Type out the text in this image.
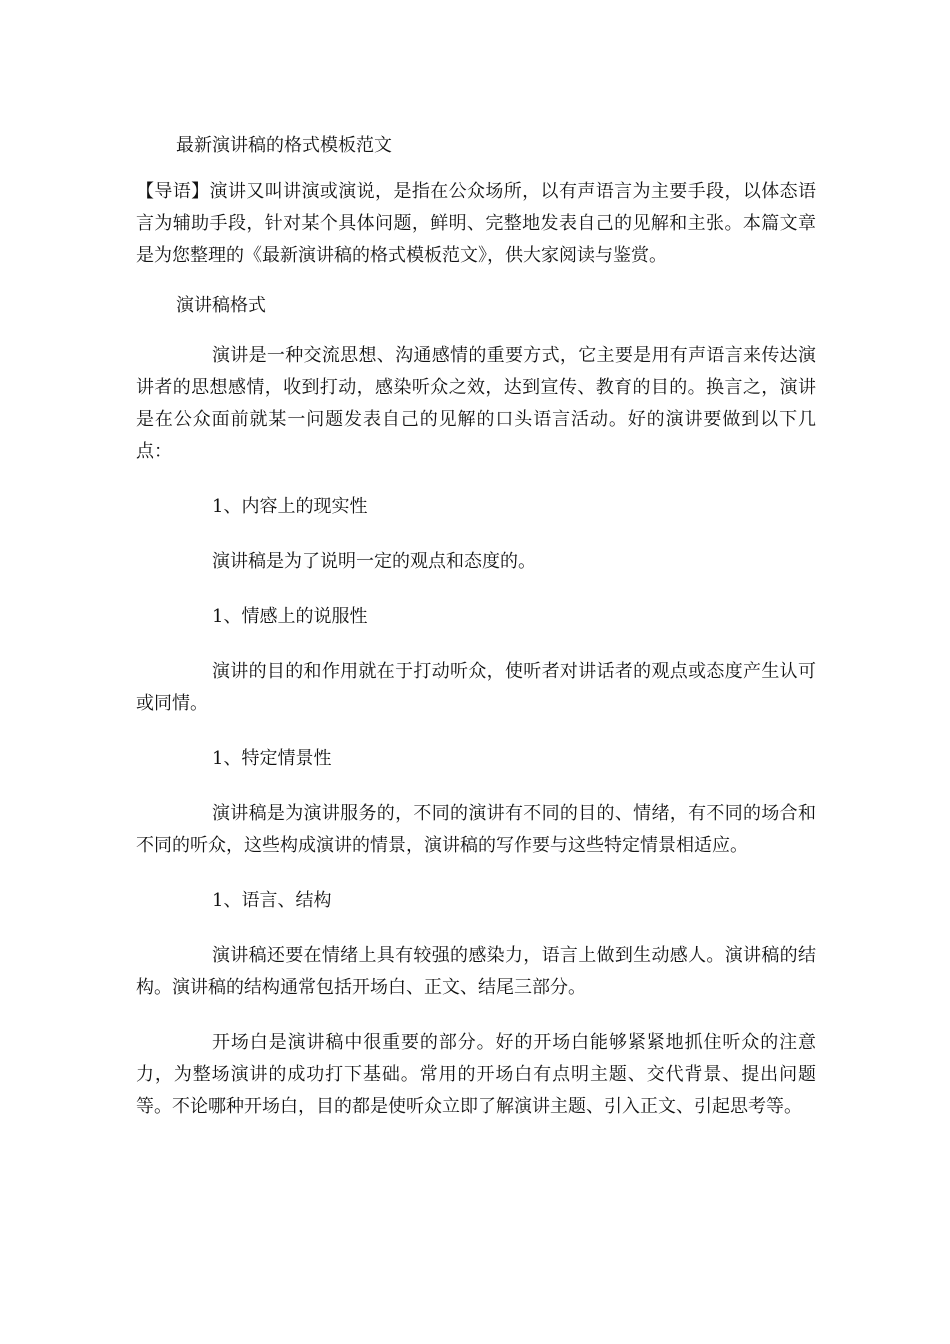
最新演讲稿的格式模板范文

【导语】演讲又叫讲演或演说，是指在公众场所，以有声语言为主要手段，以体态语言为辅助手段，针对某个具体问题，鲜明、完整地发表自己的见解和主张。本篇文章是为您整理的《最新演讲稿的格式模板范文》，供大家阅读与鉴赏。

演讲稿格式

演讲是一种交流思想、沟通感情的重要方式，它主要是用有声语言来传达演讲者的思想感情，收到打动，感染听众之效，达到宣传、教育的目的。换言之，演讲是在公众面前就某一问题发表自己的见解的口头语言活动。好的演讲要做到以下几点：

1、内容上的现实性

演讲稿是为了说明一定的观点和态度的。

1、情感上的说服性

演讲的目的和作用就在于打动听众，使听者对讲话者的观点或态度产生认可或同情。

1、特定情景性

演讲稿是为演讲服务的，不同的演讲有不同的目的、情绪，有不同的场合和不同的听众，这些构成演讲的情景，演讲稿的写作要与这些特定情景相适应。

1、语言、结构

演讲稿还要在情绪上具有较强的感染力，语言上做到生动感人。演讲稿的结构。演讲稿的结构通常包括开场白、正文、结尾三部分。

开场白是演讲稿中很重要的部分。好的开场白能够紧紧地抓住听众的注意力，为整场演讲的成功打下基础。常用的开场白有点明主题、交代背景、提出问题等。不论哪种开场白，目的都是使听众立即了解演讲主题、引入正文、引起思考等。
